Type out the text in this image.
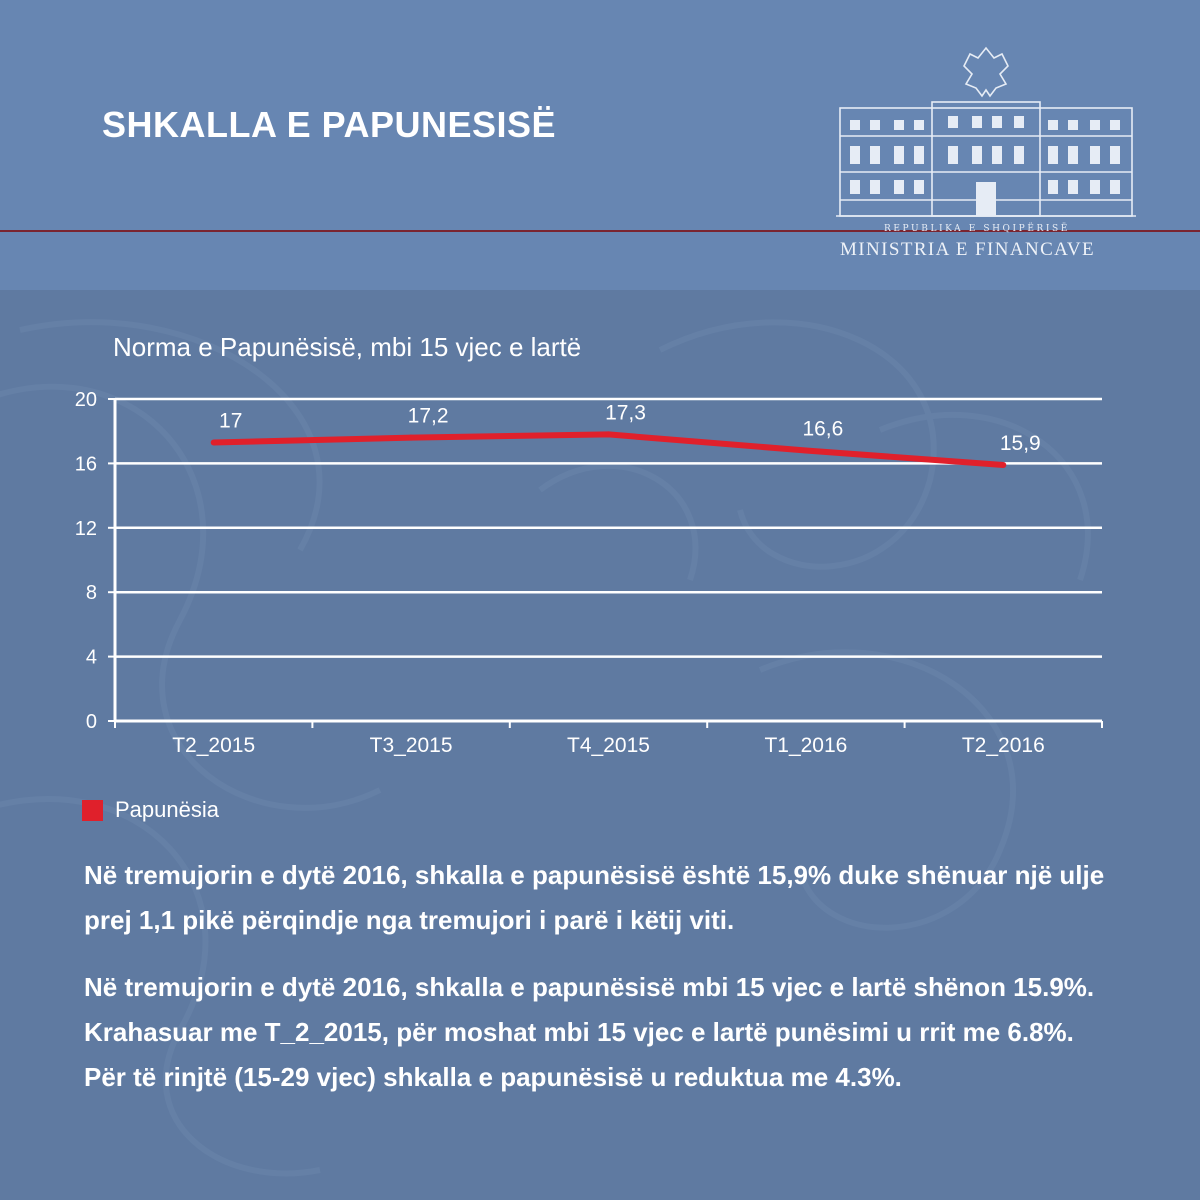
SHKALLA E PAPUNESISË
REPUBLIKA E SHQIPËRISË
MINISTRIA E FINANCAVE
Norma e Papunësisë, mbi 15 vjec e lartë
0
4
8
12
16
20
T2_2015	T3_2015	T4_2015	T1_2016	T2_2016
17	17,2	17,3
16,6
15,9
Papunësia
Në tremujorin e dytë 2016, shkalla e papunësisë është 15,9% duke shënuar një ulje prej 1,1 pikë përqindje nga tremujori i parë i këtij viti.
Në tremujorin e dytë 2016, shkalla e papunësisë mbi 15 vjec e lartë shënon 15.9%. Krahasuar me T_2_2015, për moshat mbi 15 vjec e lartë punësimi u rrit me 6.8%. Për të rinjtë (15-29 vjec) shkalla e papunësisë u reduktua me 4.3%.
